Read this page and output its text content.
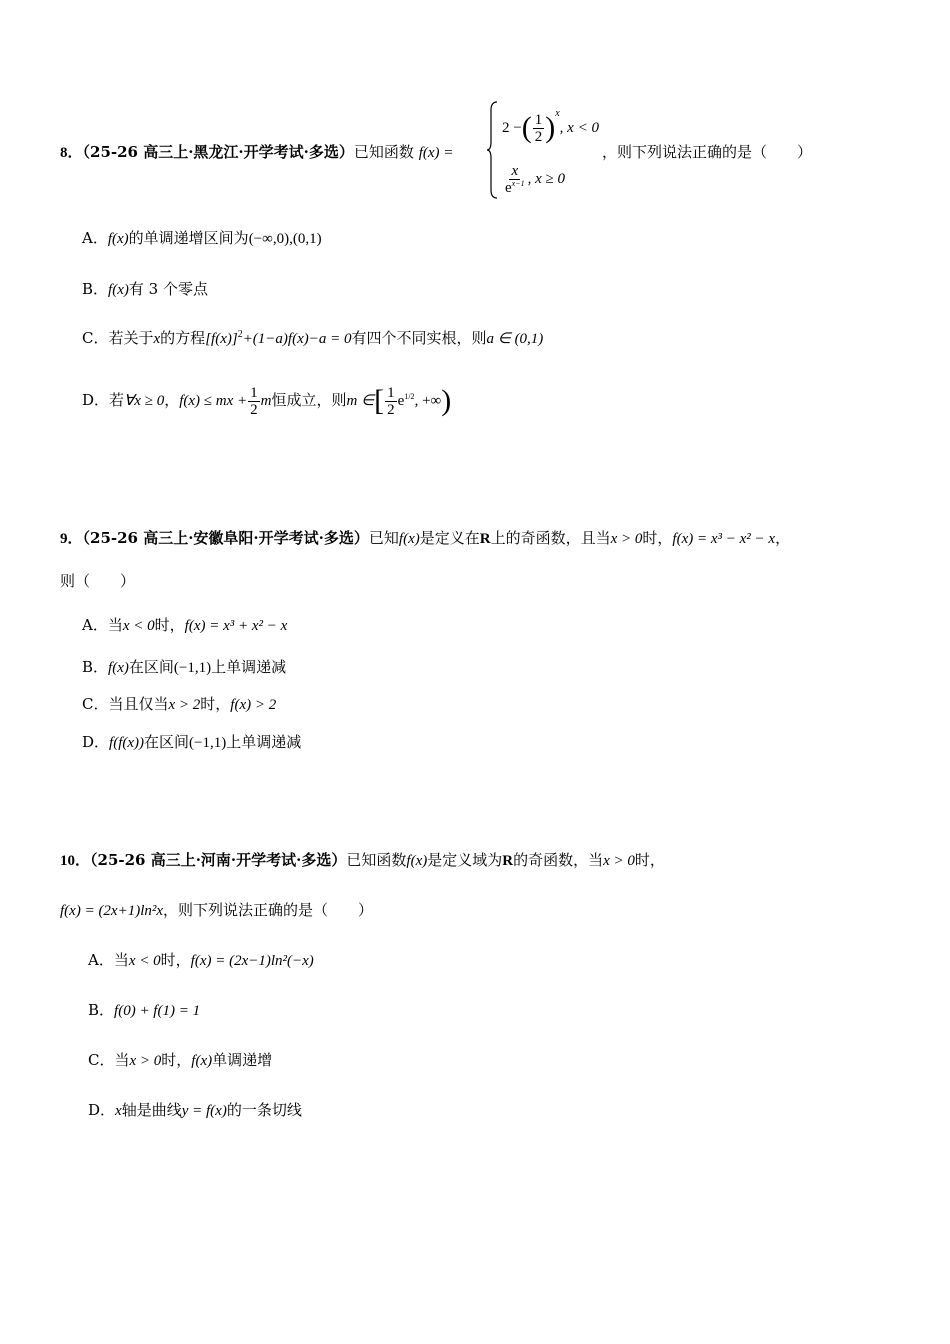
8．（25-26 高三上·黑龙江·开学考试·多选）已知函数 f(x) =
2 −( $\frac{1}{2} )^x$, x < 0
$\frac{x}{e^{x-1}}$ , x ≥ 0
，则下列说法正确的是（　　）
A．f(x)的单调递增区间为(−∞,0),(0,1)
B．f(x)有 3 个零点
C．若关于x的方程$[f(x)]^2+(1-a)f(x)-a = 0$有四个不同实根，则a ∈ (0,1)
D．若∀x ≥ 0，f(x) ≤ mx + $\frac{1}{2}$ m恒成立，则m ∈[ $\frac{1}{2} e^{1/2}$, +∞)
9．（25-26 高三上·安徽阜阳·开学考试·多选）已知f(x)是定义在R上的奇函数，且当x > 0时，f(x) = x³ − x² − x，
则（　　）
A．当x < 0时，f(x) = x³ + x² − x
B．f(x)在区间(−1,1)上单调递减
C．当且仅当x > 2时，f(x) > 2
D．f(f(x))在区间(−1,1)上单调递减
10．（25-26 高三上·河南·开学考试·多选）已知函数f(x)是定义域为R的奇函数，当x > 0时，
f(x) = (2x+1)ln²x，则下列说法正确的是（　　）
A．当x < 0时，f(x) = (2x−1)ln²(−x)
B．f(0) + f(1) = 1
C．当x > 0时，f(x)单调递增
D．x轴是曲线y = f(x)的一条切线
